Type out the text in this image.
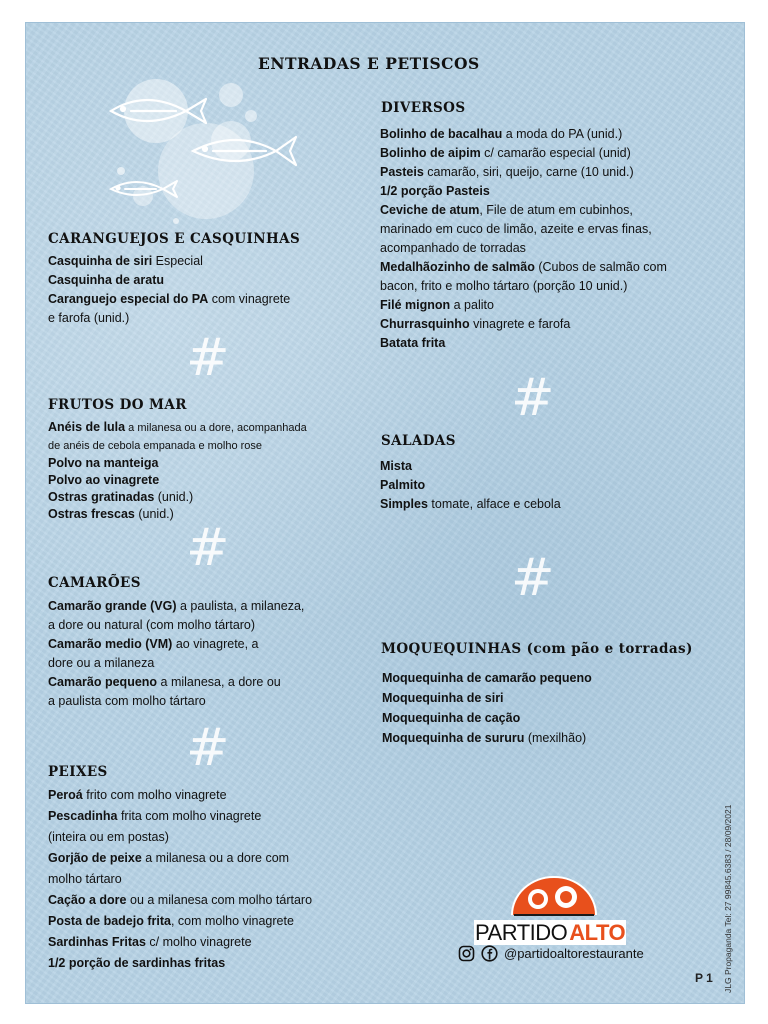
ENTRADAS E PETISCOS
CARANGUEJOS E CASQUINHAS
Casquinha de siri Especial
Casquinha de aratu
Caranguejo especial do PA com vinagrete
e farofa (unid.)
#
FRUTOS DO MAR
Anéis de lula a milanesa ou a dore, acompanhada
de anéis de cebola empanada e molho rose
Polvo na manteiga
Polvo ao vinagrete
Ostras gratinadas (unid.)
Ostras frescas (unid.)
#
CAMARÕES
Camarão grande (VG) a paulista, a milaneza,
a dore ou natural (com molho tártaro)
Camarão medio (VM) ao vinagrete, a
dore ou a milaneza
Camarão pequeno a milanesa, a dore ou
a paulista com molho tártaro
#
PEIXES
Peroá frito com molho vinagrete
Pescadinha frita com molho vinagrete
(inteira ou em postas)
Gorjão de peixe a milanesa ou a dore com
molho tártaro
Cação a dore ou a milanesa com molho tártaro
Posta de badejo frita, com molho vinagrete
Sardinhas Fritas c/ molho vinagrete
1/2 porção de sardinhas fritas
DIVERSOS
Bolinho de bacalhau a moda do PA (unid.)
Bolinho de aipim c/ camarão especial (unid)
Pasteis camarão, siri, queijo, carne (10 unid.)
1/2 porção Pasteis
Ceviche de atum, File de atum em cubinhos,
marinado em cuco de limão, azeite e ervas finas,
acompanhado de torradas
Medalhãozinho de salmão (Cubos de salmão com
bacon, frito e molho tártaro (porção 10 unid.)
Filé mignon a palito
Churrasquinho vinagrete e farofa
Batata frita
#
SALADAS
Mista
Palmito
Simples tomate, alface e cebola
#
MOQUEQUINHAS (com pão e torradas)
Moquequinha de camarão pequeno
Moquequinha de siri
Moquequinha de cação
Moquequinha de sururu (mexilhão)
PARTIDOALTO
@partidoaltorestaurante	JLG Propaganda Tel: 27 99845.6383 / 28/09/2021
P 1
